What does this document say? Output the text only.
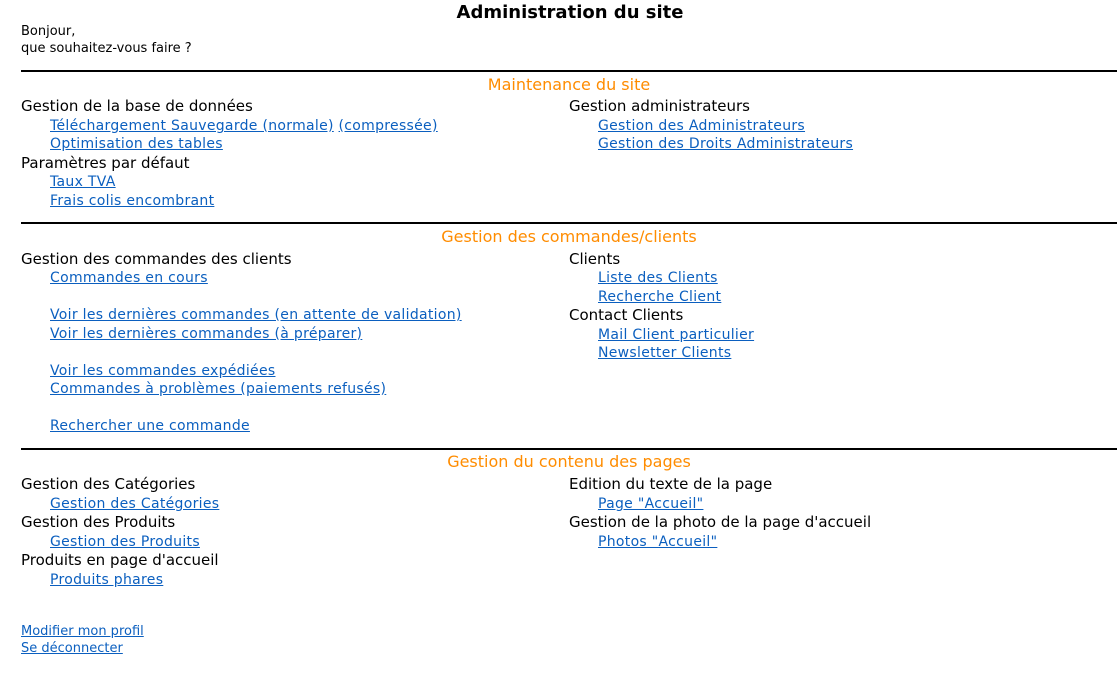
Administration du site
Bonjour,
que souhaitez-vous faire ?
Maintenance du site
Gestion de la base de données
Téléchargement Sauvegarde (normale) (compressée)
Optimisation des tables
Paramètres par défaut
Taux TVA
Frais colis encombrant
Gestion administrateurs
Gestion des Administrateurs
Gestion des Droits Administrateurs
Gestion des commandes/clients
Gestion des commandes des clients
Commandes en cours
Voir les dernières commandes (en attente de validation)
Voir les dernières commandes (à préparer)
Voir les commandes expédiées
Commandes à problèmes (paiements refusés)
Rechercher une commande
Clients
Liste des Clients
Recherche Client
Contact Clients
Mail Client particulier
Newsletter Clients
Gestion du contenu des pages
Gestion des Catégories
Gestion des Catégories
Gestion des Produits
Gestion des Produits
Produits en page d'accueil
Produits phares
Edition du texte de la page
Page "Accueil"
Gestion de la photo de la page d'accueil
Photos "Accueil"
Modifier mon profil
Se déconnecter
